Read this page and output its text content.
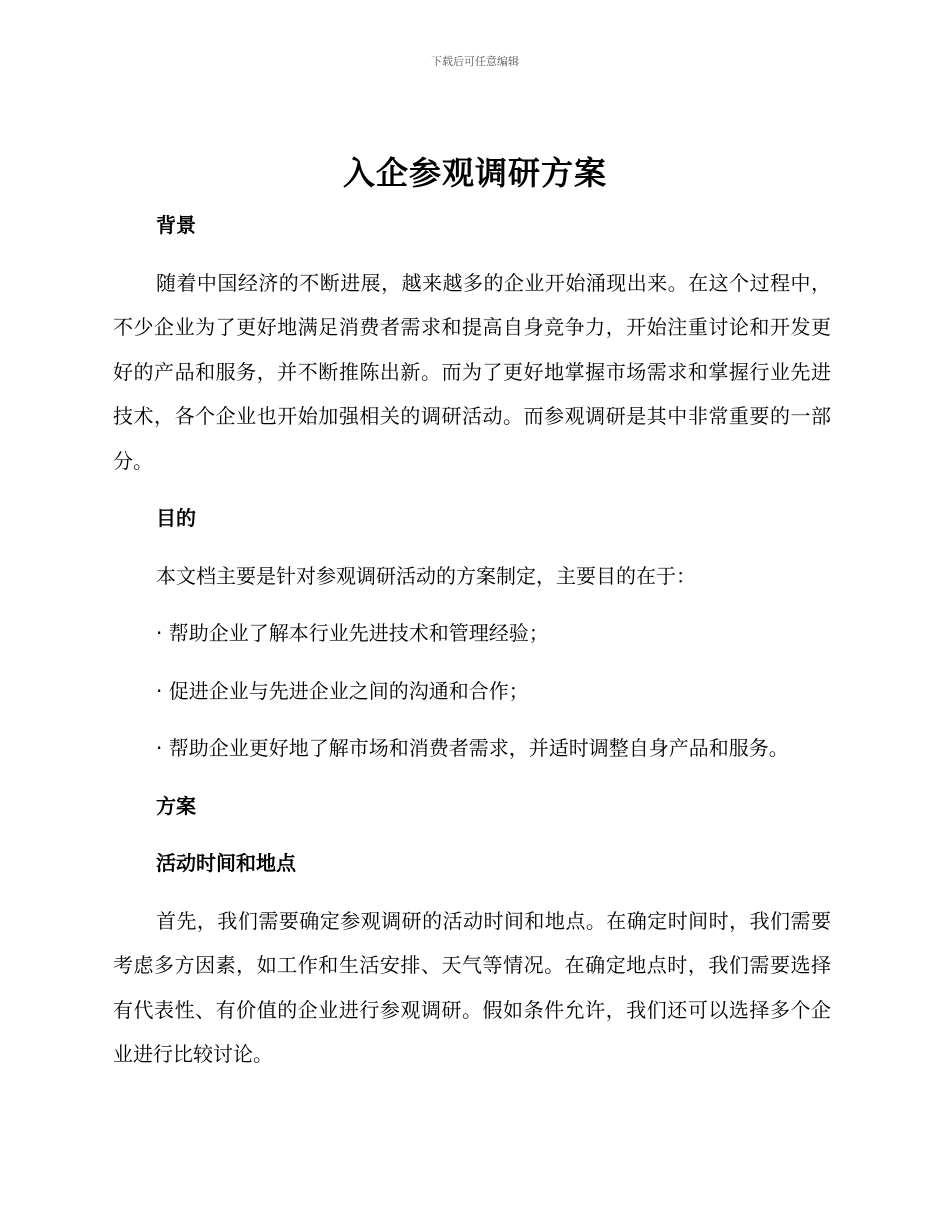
下载后可任意编辑
入企参观调研方案
背景
随着中国经济的不断进展，越来越多的企业开始涌现出来。在这个过程中，不少企业为了更好地满足消费者需求和提高自身竞争力，开始注重讨论和开发更好的产品和服务，并不断推陈出新。而为了更好地掌握市场需求和掌握行业先进技术，各个企业也开始加强相关的调研活动。而参观调研是其中非常重要的一部分。
目的
本文档主要是针对参观调研活动的方案制定，主要目的在于：
· 帮助企业了解本行业先进技术和管理经验；
· 促进企业与先进企业之间的沟通和合作；
· 帮助企业更好地了解市场和消费者需求，并适时调整自身产品和服务。
方案
活动时间和地点
首先，我们需要确定参观调研的活动时间和地点。在确定时间时，我们需要考虑多方因素，如工作和生活安排、天气等情况。在确定地点时，我们需要选择有代表性、有价值的企业进行参观调研。假如条件允许，我们还可以选择多个企业进行比较讨论。
